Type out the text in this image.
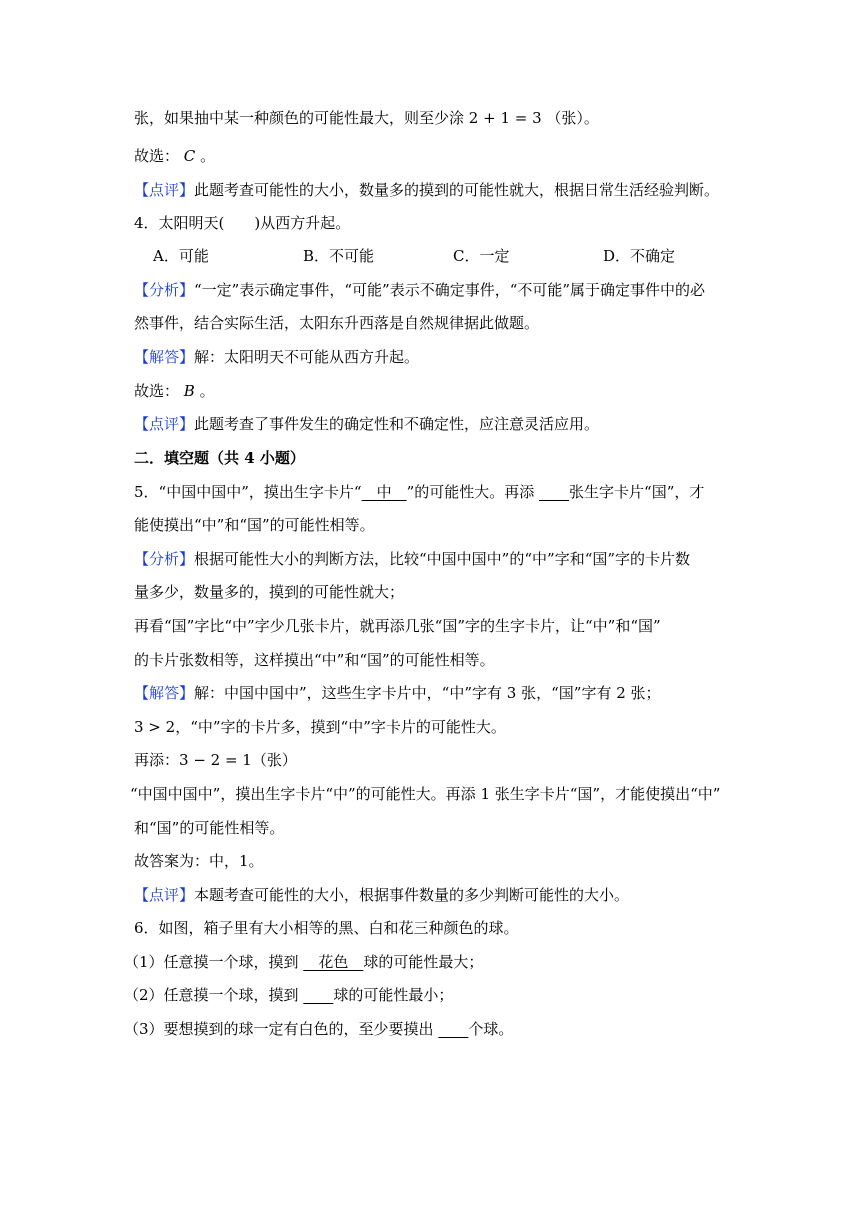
张，如果抽中某一种颜色的可能性最大，则至少涂 2 + 1 = 3 （张）。
故选： C 。
【点评】此题考查可能性的大小，数量多的摸到的可能性就大，根据日常生活经验判断。
4．太阳明天(　　)从西方升起。
A．可能	B．不可能	C．一定	D．不确定
【分析】“一定”表示确定事件，“可能”表示不确定事件，“不可能”属于确定事件中的必
然事件，结合实际生活，太阳东升西落是自然规律据此做题。
【解答】解：太阳明天不可能从西方升起。
故选： B 。
【点评】此题考查了事件发生的确定性和不确定性，应注意灵活应用。
二．填空题（共 4 小题）
5．“中国中国中”，摸出生字卡片“　中　”的可能性大。再添 　　张生字卡片“国”，才
能使摸出“中”和“国”的可能性相等。
【分析】根据可能性大小的判断方法，比较“中国中国中”的“中”字和“国”字的卡片数
量多少，数量多的，摸到的可能性就大；
再看“国”字比“中”字少几张卡片，就再添几张“国”字的生字卡片，让“中”和“国”
的卡片张数相等，这样摸出“中”和“国”的可能性相等。
【解答】解：中国中国中”，这些生字卡片中，“中”字有 3 张，“国”字有 2 张；
3 > 2，“中”字的卡片多，摸到“中”字卡片的可能性大。
再添：3 − 2 = 1（张）
“中国中国中”，摸出生字卡片“中”的可能性大。再添 1 张生字卡片“国”，才能使摸出“中”
和“国”的可能性相等。
故答案为：中，1。
【点评】本题考查可能性的大小，根据事件数量的多少判断可能性的大小。
6．如图，箱子里有大小相等的黑、白和花三种颜色的球。
（1）任意摸一个球，摸到 　花色　球的可能性最大；
（2）任意摸一个球，摸到 　　球的可能性最小；
（3）要想摸到的球一定有白色的，至少要摸出 　　个球。
